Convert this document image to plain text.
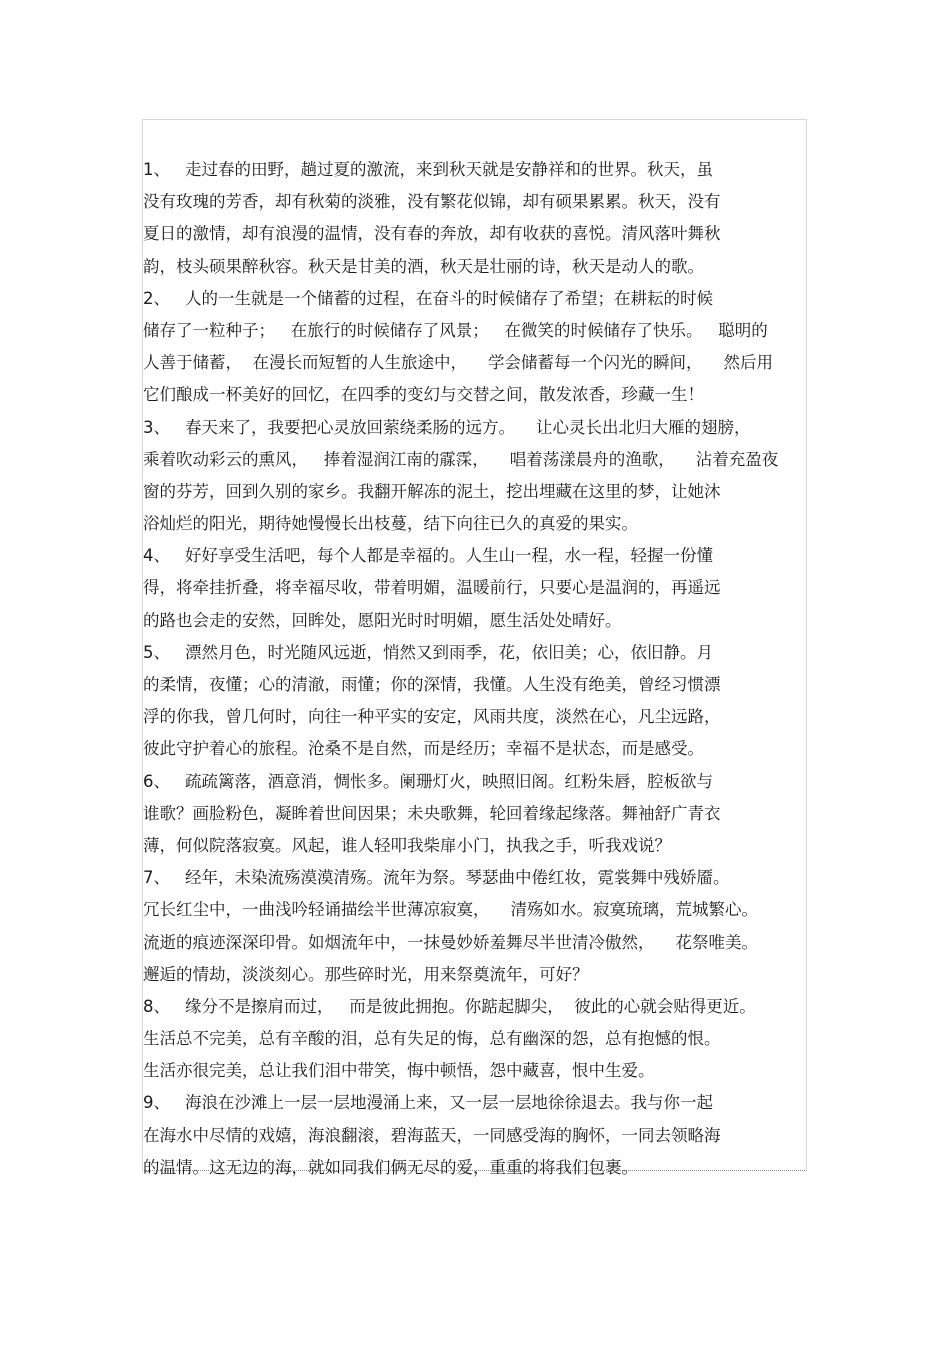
1、 走过春的田野，趟过夏的激流，来到秋天就是安静祥和的世界。秋天，虽
没有玫瑰的芳香，却有秋菊的淡雅，没有繁花似锦，却有硕果累累。秋天，没有
夏日的激情，却有浪漫的温情，没有春的奔放，却有收获的喜悦。清风落叶舞秋
韵，枝头硕果醉秋容。秋天是甘美的酒，秋天是壮丽的诗，秋天是动人的歌。
2、 人的一生就是一个储蓄的过程，在奋斗的时候储存了希望；在耕耘的时候
储存了一粒种子；   在旅行的时候储存了风景；   在微笑的时候储存了快乐。   聪明的
人善于储蓄，  在漫长而短暂的人生旅途中，    学会储蓄每一个闪光的瞬间，    然后用
它们酿成一杯美好的回忆，在四季的变幻与交替之间，散发浓香，珍藏一生！
3、 春天来了，我要把心灵放回萦绕柔肠的远方。    让心灵长出北归大雁的翅膀，
乘着吹动彩云的熏风，   捧着湿润江南的霡霂，    唱着荡漾晨舟的渔歌，    沾着充盈夜
窗的芬芳，回到久别的家乡。我翻开解冻的泥土，挖出埋藏在这里的梦，让她沐
浴灿烂的阳光，期待她慢慢长出枝蔓，结下向往已久的真爱的果实。
4、 好好享受生活吧，每个人都是幸福的。人生山一程，水一程，轻握一份懂
得，将牵挂折叠，将幸福尽收，带着明媚，温暖前行，只要心是温润的，再遥远
的路也会走的安然，回眸处，愿阳光时时明媚，愿生活处处晴好。
5、 漂然月色，时光随风远逝，悄然又到雨季，花，依旧美；心，依旧静。月
的柔情，夜懂；心的清澈，雨懂；你的深情，我懂。人生没有绝美，曾经习惯漂
浮的你我，曾几何时，向往一种平实的安定，风雨共度，淡然在心，凡尘远路，
彼此守护着心的旅程。沧桑不是自然，而是经历；幸福不是状态，而是感受。
6、 疏疏篱落，酒意消，惆怅多。阑珊灯火，映照旧阁。红粉朱唇，腔板欲与
谁歌？画脸粉色，凝眸着世间因果；未央歌舞，轮回着缘起缘落。舞袖舒广青衣
薄，何似院落寂寞。风起，谁人轻叩我柴扉小门，执我之手，听我戏说？
7、 经年，未染流殇漠漠清殇。流年为祭。琴瑟曲中倦红妆，霓裳舞中残娇靥。
冗长红尘中，一曲浅吟轻诵描绘半世薄凉寂寞，    清殇如水。寂寞琉璃，荒城繁心。
流逝的痕迹深深印骨。如烟流年中，一抹曼妙娇羞舞尽半世清冷傲然，    花祭唯美。
邂逅的情劫，淡淡刻心。那些碎时光，用来祭奠流年，可好？
8、 缘分不是擦肩而过，   而是彼此拥抱。你踮起脚尖，  彼此的心就会贴得更近。
生活总不完美，总有辛酸的泪，总有失足的悔，总有幽深的怨，总有抱憾的恨。
生活亦很完美，总让我们泪中带笑，悔中顿悟，怨中藏喜，恨中生爱。
9、 海浪在沙滩上一层一层地漫涌上来，又一层一层地徐徐退去。我与你一起
在海水中尽情的戏嬉，海浪翻滚，碧海蓝天，一同感受海的胸怀，一同去领略海
的温情。这无边的海，就如同我们俩无尽的爱，重重的将我们包裹。
